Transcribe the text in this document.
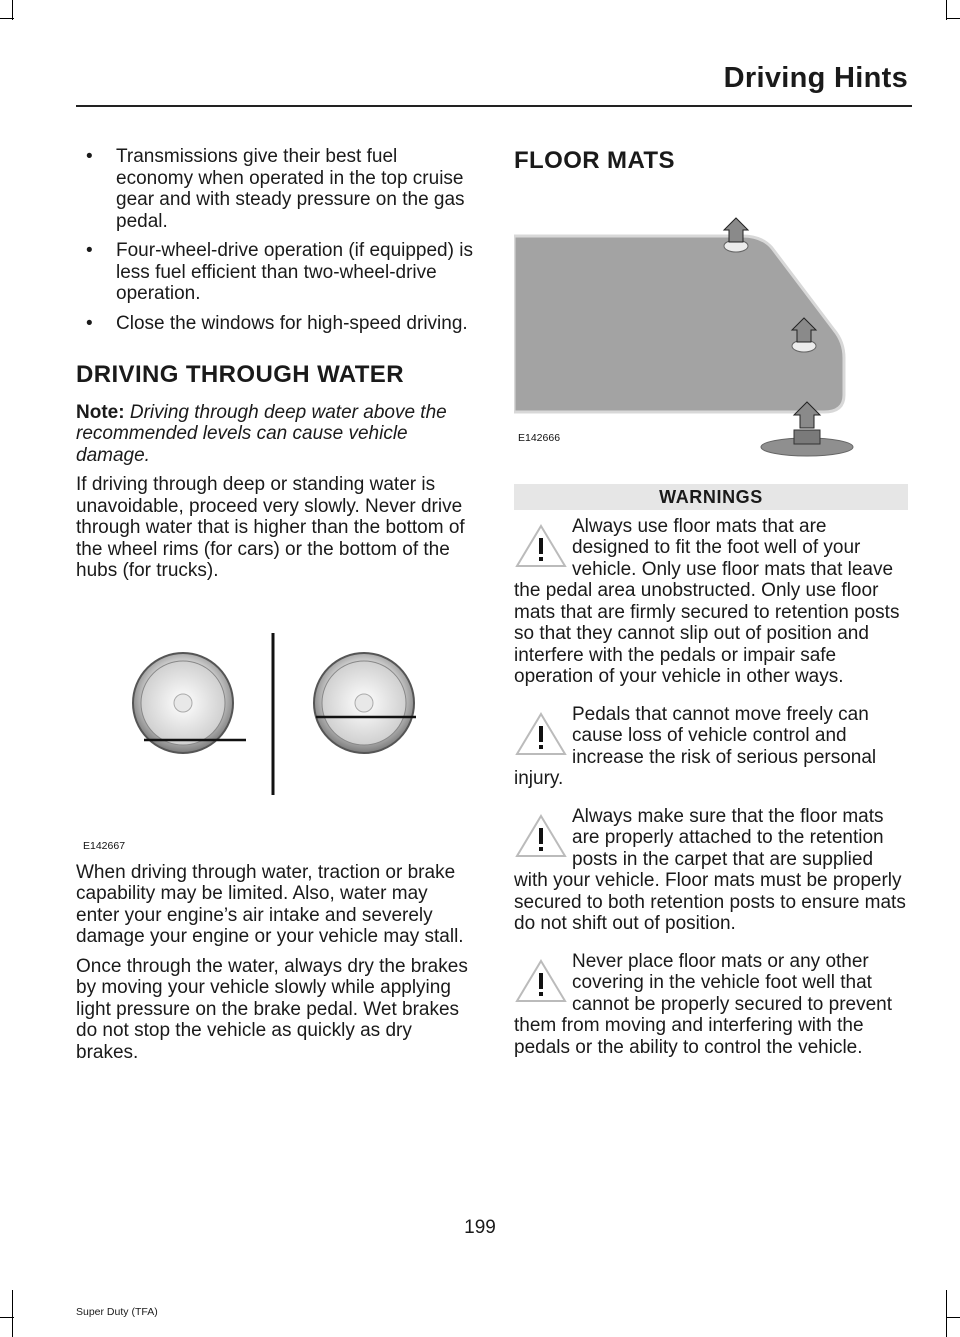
Driving Hints
• Transmissions give their best fuel economy when operated in the top cruise gear and with steady pressure on the gas pedal.
• Four-wheel-drive operation (if equipped) is less fuel efficient than two-wheel-drive operation.
• Close the windows for high-speed driving.
DRIVING THROUGH WATER

Note: Driving through deep water above the recommended levels can cause vehicle damage.

If driving through deep or standing water is unavoidable, proceed very slowly. Never drive through water that is higher than the bottom of the wheel rims (for cars) or the bottom of the hubs (for trucks).

E142667

When driving through water, traction or brake capability may be limited. Also, water may enter your engine’s air intake and severely damage your engine or your vehicle may stall.

Once through the water, always dry the brakes by moving your vehicle slowly while applying light pressure on the brake pedal. Wet brakes do not stop the vehicle as quickly as dry brakes.

FLOOR MATS
E142666
WARNINGS
Always use floor mats that are designed to fit the foot well of your vehicle. Only use floor mats that leave the pedal area unobstructed. Only use floor mats that are firmly secured to retention posts so that they cannot slip out of position and interfere with the pedals or impair safe operation of your vehicle in other ways.
Pedals that cannot move freely can cause loss of vehicle control and increase the risk of serious personal injury.
Always make sure that the floor mats are properly attached to the retention posts in the carpet that are supplied with your vehicle. Floor mats must be properly secured to both retention posts to ensure mats do not shift out of position.
Never place floor mats or any other covering in the vehicle foot well that cannot be properly secured to prevent them from moving and interfering with the pedals or the ability to control the vehicle.
199
Super Duty (TFA)
